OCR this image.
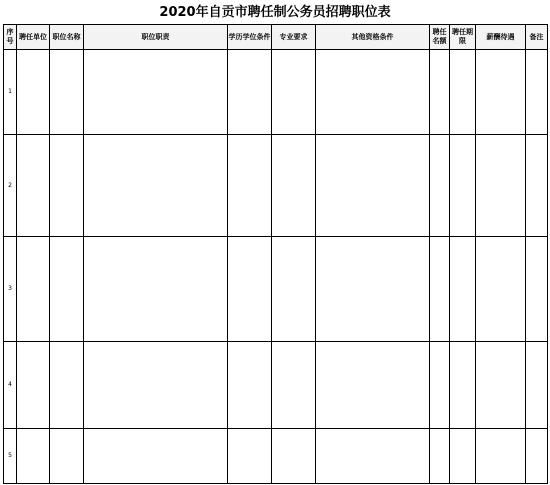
2020年自贡市聘任制公务员招聘职位表
序号	聘任单位	职位名称	职位职责	学历学位条件	专业要求	其他资格条件	聘任名额	聘任期限	薪酬待遇	备注
1										
2										
3										
4										
5										
